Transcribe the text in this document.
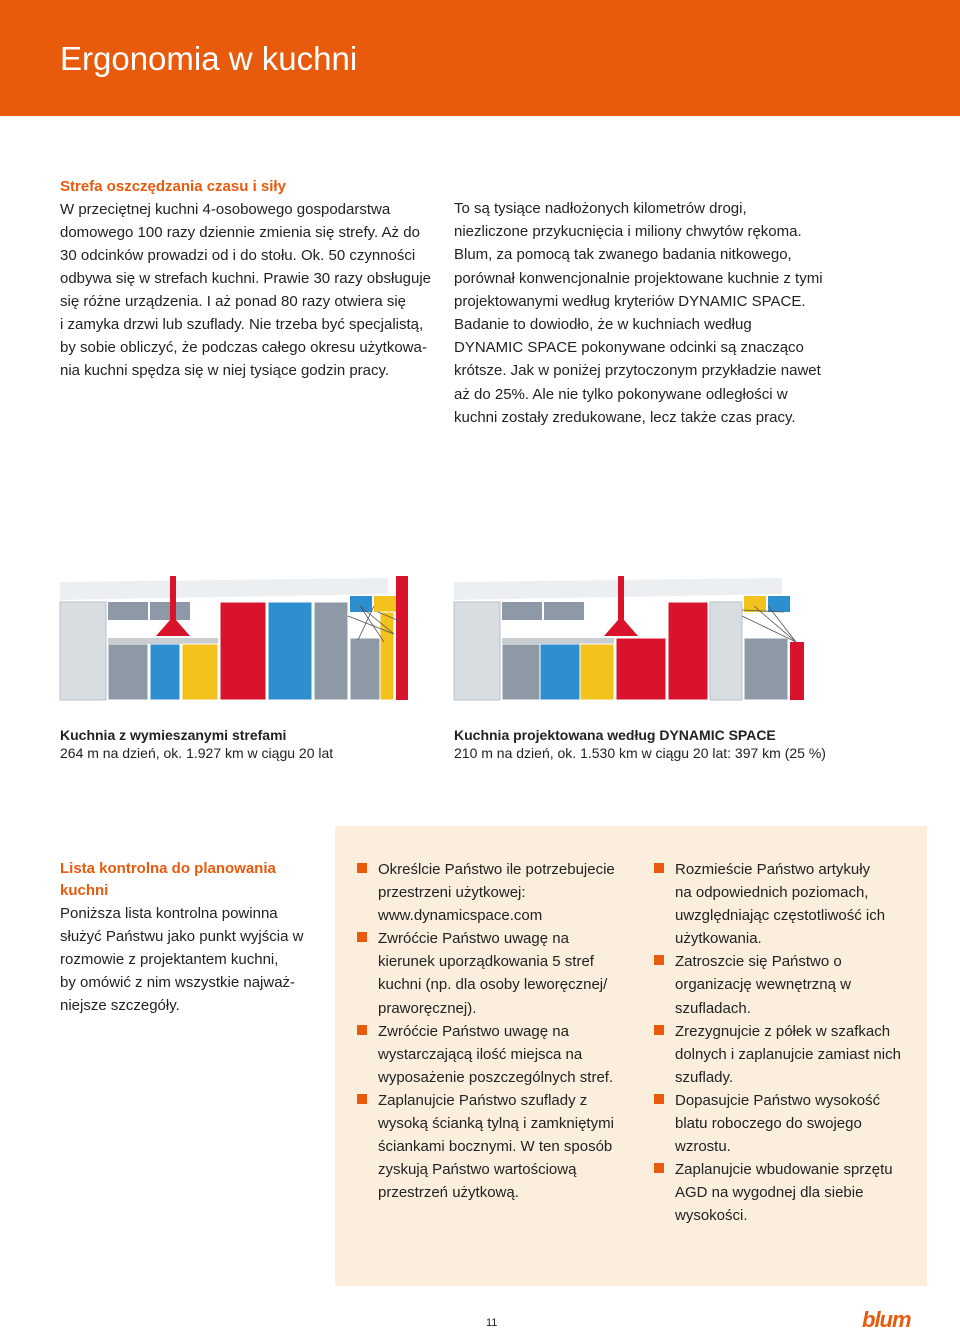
Ergonomia w kuchni
Strefa oszczędzania czasu i siły
W przeciętnej kuchni 4-osobowego gospodarstwa
domowego 100 razy dziennie zmienia się strefy. Aż do
30 odcinków prowadzi od i do stołu. Ok. 50 czynności
odbywa się w strefach kuchni. Prawie 30 razy obsługuje
się różne urządzenia. I aż ponad 80 razy otwiera się
i zamyka drzwi lub szuflady. Nie trzeba być specjalistą,
by sobie obliczyć, że podczas całego okresu użytkowa-
nia kuchni spędza się w niej tysiące godzin pracy.
To są tysiące nadłożonych kilometrów drogi,
niezliczone przykucnięcia i miliony chwytów rękoma.
Blum, za pomocą tak zwanego badania nitkowego,
porównał konwencjonalnie projektowane kuchnie z tymi
projektowanymi według kryteriów DYNAMIC SPACE.
Badanie to dowiodło, że w kuchniach według
DYNAMIC SPACE pokonywane odcinki są znacząco
krótsze. Jak w poniżej przytoczonym przykładzie nawet
aż do 25%. Ale nie tylko pokonywane odległości w
kuchni zostały zredukowane, lecz także czas pracy.
Kuchnia z wymieszanymi strefami
264 m na dzień, ok. 1.927 km w ciągu 20 lat
Kuchnia projektowana według DYNAMIC SPACE
210 m na dzień, ok. 1.530 km w ciągu 20 lat: 397 km (25 %)
Lista kontrolna do planowania
kuchni
Poniższa lista kontrolna powinna
służyć Państwu jako punkt wyjścia w
rozmowie z projektantem kuchni,
by omówić z nim wszystkie najważ-
niejsze szczegóły.
Określcie Państwo ile potrzebujecie
przestrzeni użytkowej:
www.dynamicspace.com
Zwróćcie Państwo uwagę na
kierunek uporządkowania 5 stref
kuchni (np. dla osoby leworęcznej/
praworęcznej).
Zwróćcie Państwo uwagę na
wystarczającą ilość miejsca na
wyposażenie poszczególnych stref.
Zaplanujcie Państwo szuflady z
wysoką ścianką tylną i zamkniętymi
ściankami bocznymi. W ten sposób
zyskują Państwo wartościową
przestrzeń użytkową.
Rozmieście Państwo artykuły
na odpowiednich poziomach,
uwzględniając częstotliwość ich
użytkowania.
Zatroszcie się Państwo o
organizację wewnętrzną w
szufladach.
Zrezygnujcie z półek w szafkach
dolnych i zaplanujcie zamiast nich
szuflady.
Dopasujcie Państwo wysokość
blatu roboczego do swojego
wzrostu.
Zaplanujcie wbudowanie sprzętu
AGD na wygodnej dla siebie
wysokości.
11	blum
